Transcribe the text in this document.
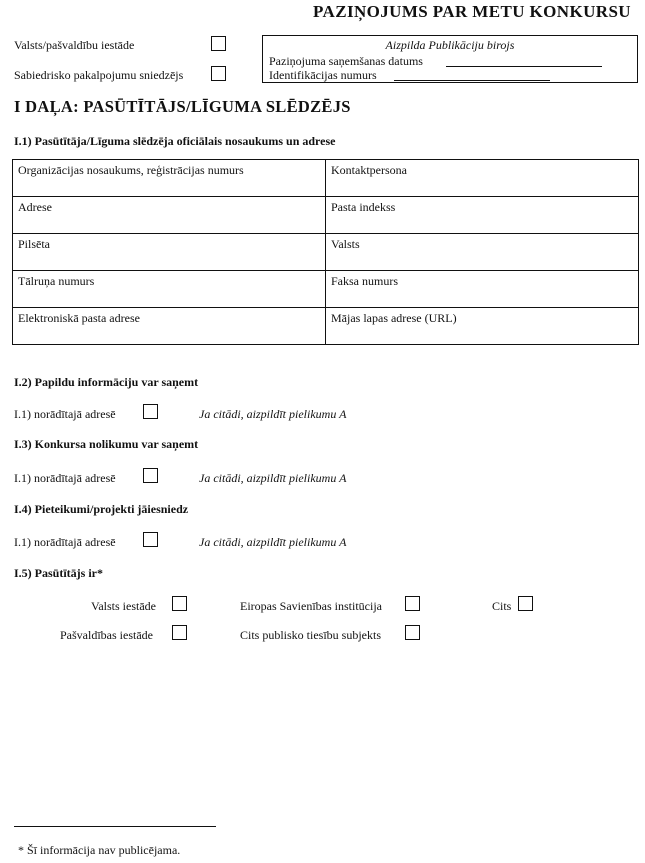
PAZIŅOJUMS PAR METU KONKURSU
Valsts/pašvaldību iestāde
Sabiedrisko pakalpojumu sniedzējs
Aizpilda Publikāciju birojs
Paziņojuma saņemšanas datums
Identifikācijas numurs
I DAĻA: PASŪTĪTĀJS/LĪGUMA SLĒDZĒJS
I.1) Pasūtītāja/Līguma slēdzēja oficiālais nosaukums un adrese
Organizācijas nosaukums, reģistrācijas numurs	Kontaktpersona
Adrese	Pasta indekss
Pilsēta	Valsts
Tālruņa numurs	Faksa numurs
Elektroniskā pasta adrese	Mājas lapas adrese (URL)
I.2) Papildu informāciju var saņemt
I.1) norādītajā adresē	Ja citādi, aizpildīt pielikumu A
I.3) Konkursa nolikumu var saņemt
I.1) norādītajā adresē	Ja citādi, aizpildīt pielikumu A
I.4) Pieteikumi/projekti jāiesniedz
I.1) norādītajā adresē	Ja citādi, aizpildīt pielikumu A
I.5) Pasūtītājs ir*
Valsts iestāde	Eiropas Savienības institūcija	Cits
Pašvaldības iestāde	Cits publisko tiesību subjekts
* Šī informācija nav publicējama.
